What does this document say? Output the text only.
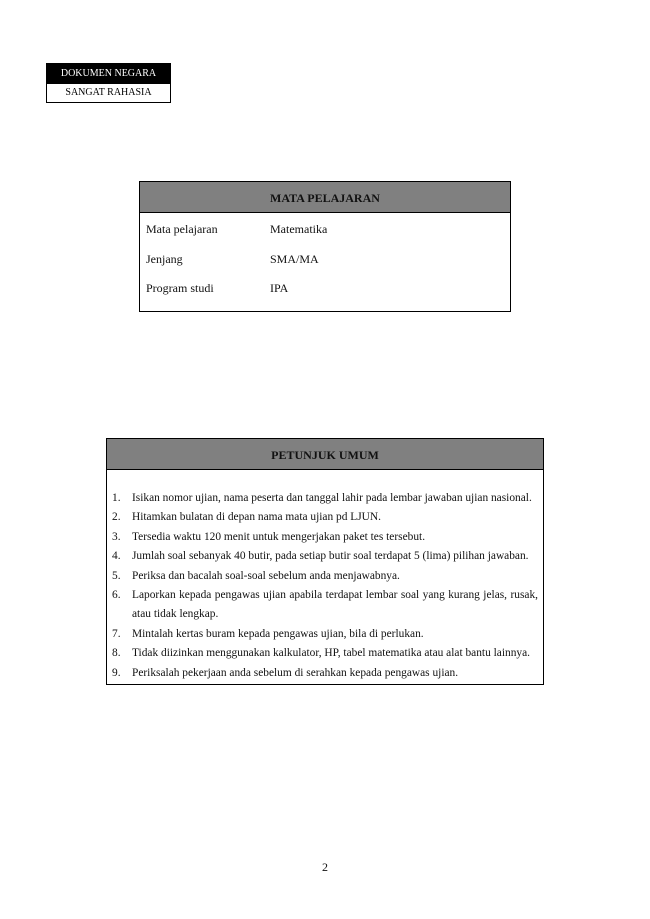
DOKUMEN NEGARA
SANGAT RAHASIA
MATA PELAJARAN
Mata pelajaran	Matematika
Jenjang	SMA/MA
Program studi	IPA
PETUNJUK UMUM
1.	Isikan nomor ujian, nama peserta dan tanggal lahir pada lembar jawaban ujian nasional.
2.	Hitamkan bulatan di depan nama mata ujian pd LJUN.
3.	Tersedia waktu 120 menit untuk mengerjakan paket tes tersebut.
4.	Jumlah soal sebanyak 40 butir, pada setiap butir soal terdapat 5 (lima) pilihan jawaban.
5.	Periksa dan bacalah soal-soal sebelum anda menjawabnya.
6.	Laporkan kepada pengawas ujian apabila terdapat lembar soal yang kurang jelas, rusak, atau tidak lengkap.
7.	Mintalah kertas buram kepada pengawas ujian, bila di perlukan.
8.	Tidak diizinkan menggunakan kalkulator, HP, tabel matematika atau alat bantu lainnya.
9.	Periksalah pekerjaan anda sebelum di serahkan kepada pengawas ujian.
2
